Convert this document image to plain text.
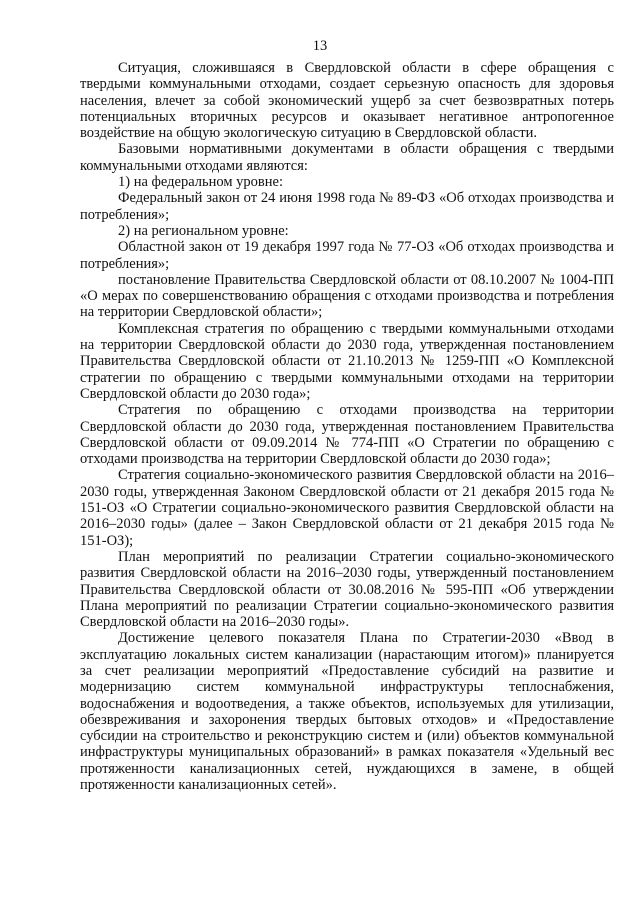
13

Ситуация, сложившаяся в Свердловской области в сфере обращения с твердыми коммунальными отходами, создает серьезную опасность для здоровья населения, влечет за собой экономический ущерб за счет безвозвратных потерь потенциальных вторичных ресурсов и оказывает негативное антропогенное воздействие на общую экологическую ситуацию в Свердловской области.

Базовыми нормативными документами в области обращения с твердыми коммунальными отходами являются:

1) на федеральном уровне:

Федеральный закон от 24 июня 1998 года № 89-ФЗ «Об отходах производства и потребления»;

2) на региональном уровне:

Областной закон от 19 декабря 1997 года № 77-ОЗ «Об отходах производства и потребления»;

постановление Правительства Свердловской области от 08.10.2007 № 1004-ПП «О мерах по совершенствованию обращения с отходами производства и потребления на территории Свердловской области»;

Комплексная стратегия по обращению с твердыми коммунальными отходами на территории Свердловской области до 2030 года, утвержденная постановлением Правительства Свердловской области от 21.10.2013 № 1259-ПП «О Комплексной стратегии по обращению с твердыми коммунальными отходами на территории Свердловской области до 2030 года»;

Стратегия по обращению с отходами производства на территории Свердловской области до 2030 года, утвержденная постановлением Правительства Свердловской области от 09.09.2014 № 774-ПП «О Стратегии по обращению с отходами производства на территории Свердловской области до 2030 года»;

Стратегия социально-экономического развития Свердловской области на 2016–2030 годы, утвержденная Законом Свердловской области от 21 декабря 2015 года № 151-ОЗ «О Стратегии социально-экономического развития Свердловской области на 2016–2030 годы» (далее – Закон Свердловской области от 21 декабря 2015 года № 151-ОЗ);

План мероприятий по реализации Стратегии социально-экономического развития Свердловской области на 2016–2030 годы, утвержденный постановлением Правительства Свердловской области от 30.08.2016 № 595-ПП «Об утверждении Плана мероприятий по реализации Стратегии социально-экономического развития Свердловской области на 2016–2030 годы».

Достижение целевого показателя Плана по Стратегии-2030 «Ввод в эксплуатацию локальных систем канализации (нарастающим итогом)» планируется за счет реализации мероприятий «Предоставление субсидий на развитие и модернизацию систем коммунальной инфраструктуры теплоснабжения, водоснабжения и водоотведения, а также объектов, используемых для утилизации, обезвреживания и захоронения твердых бытовых отходов» и «Предоставление субсидии на строительство и реконструкцию систем и (или) объектов коммунальной инфраструктуры муниципальных образований» в рамках показателя «Удельный вес протяженности канализационных сетей, нуждающихся в замене, в общей протяженности канализационных сетей».
